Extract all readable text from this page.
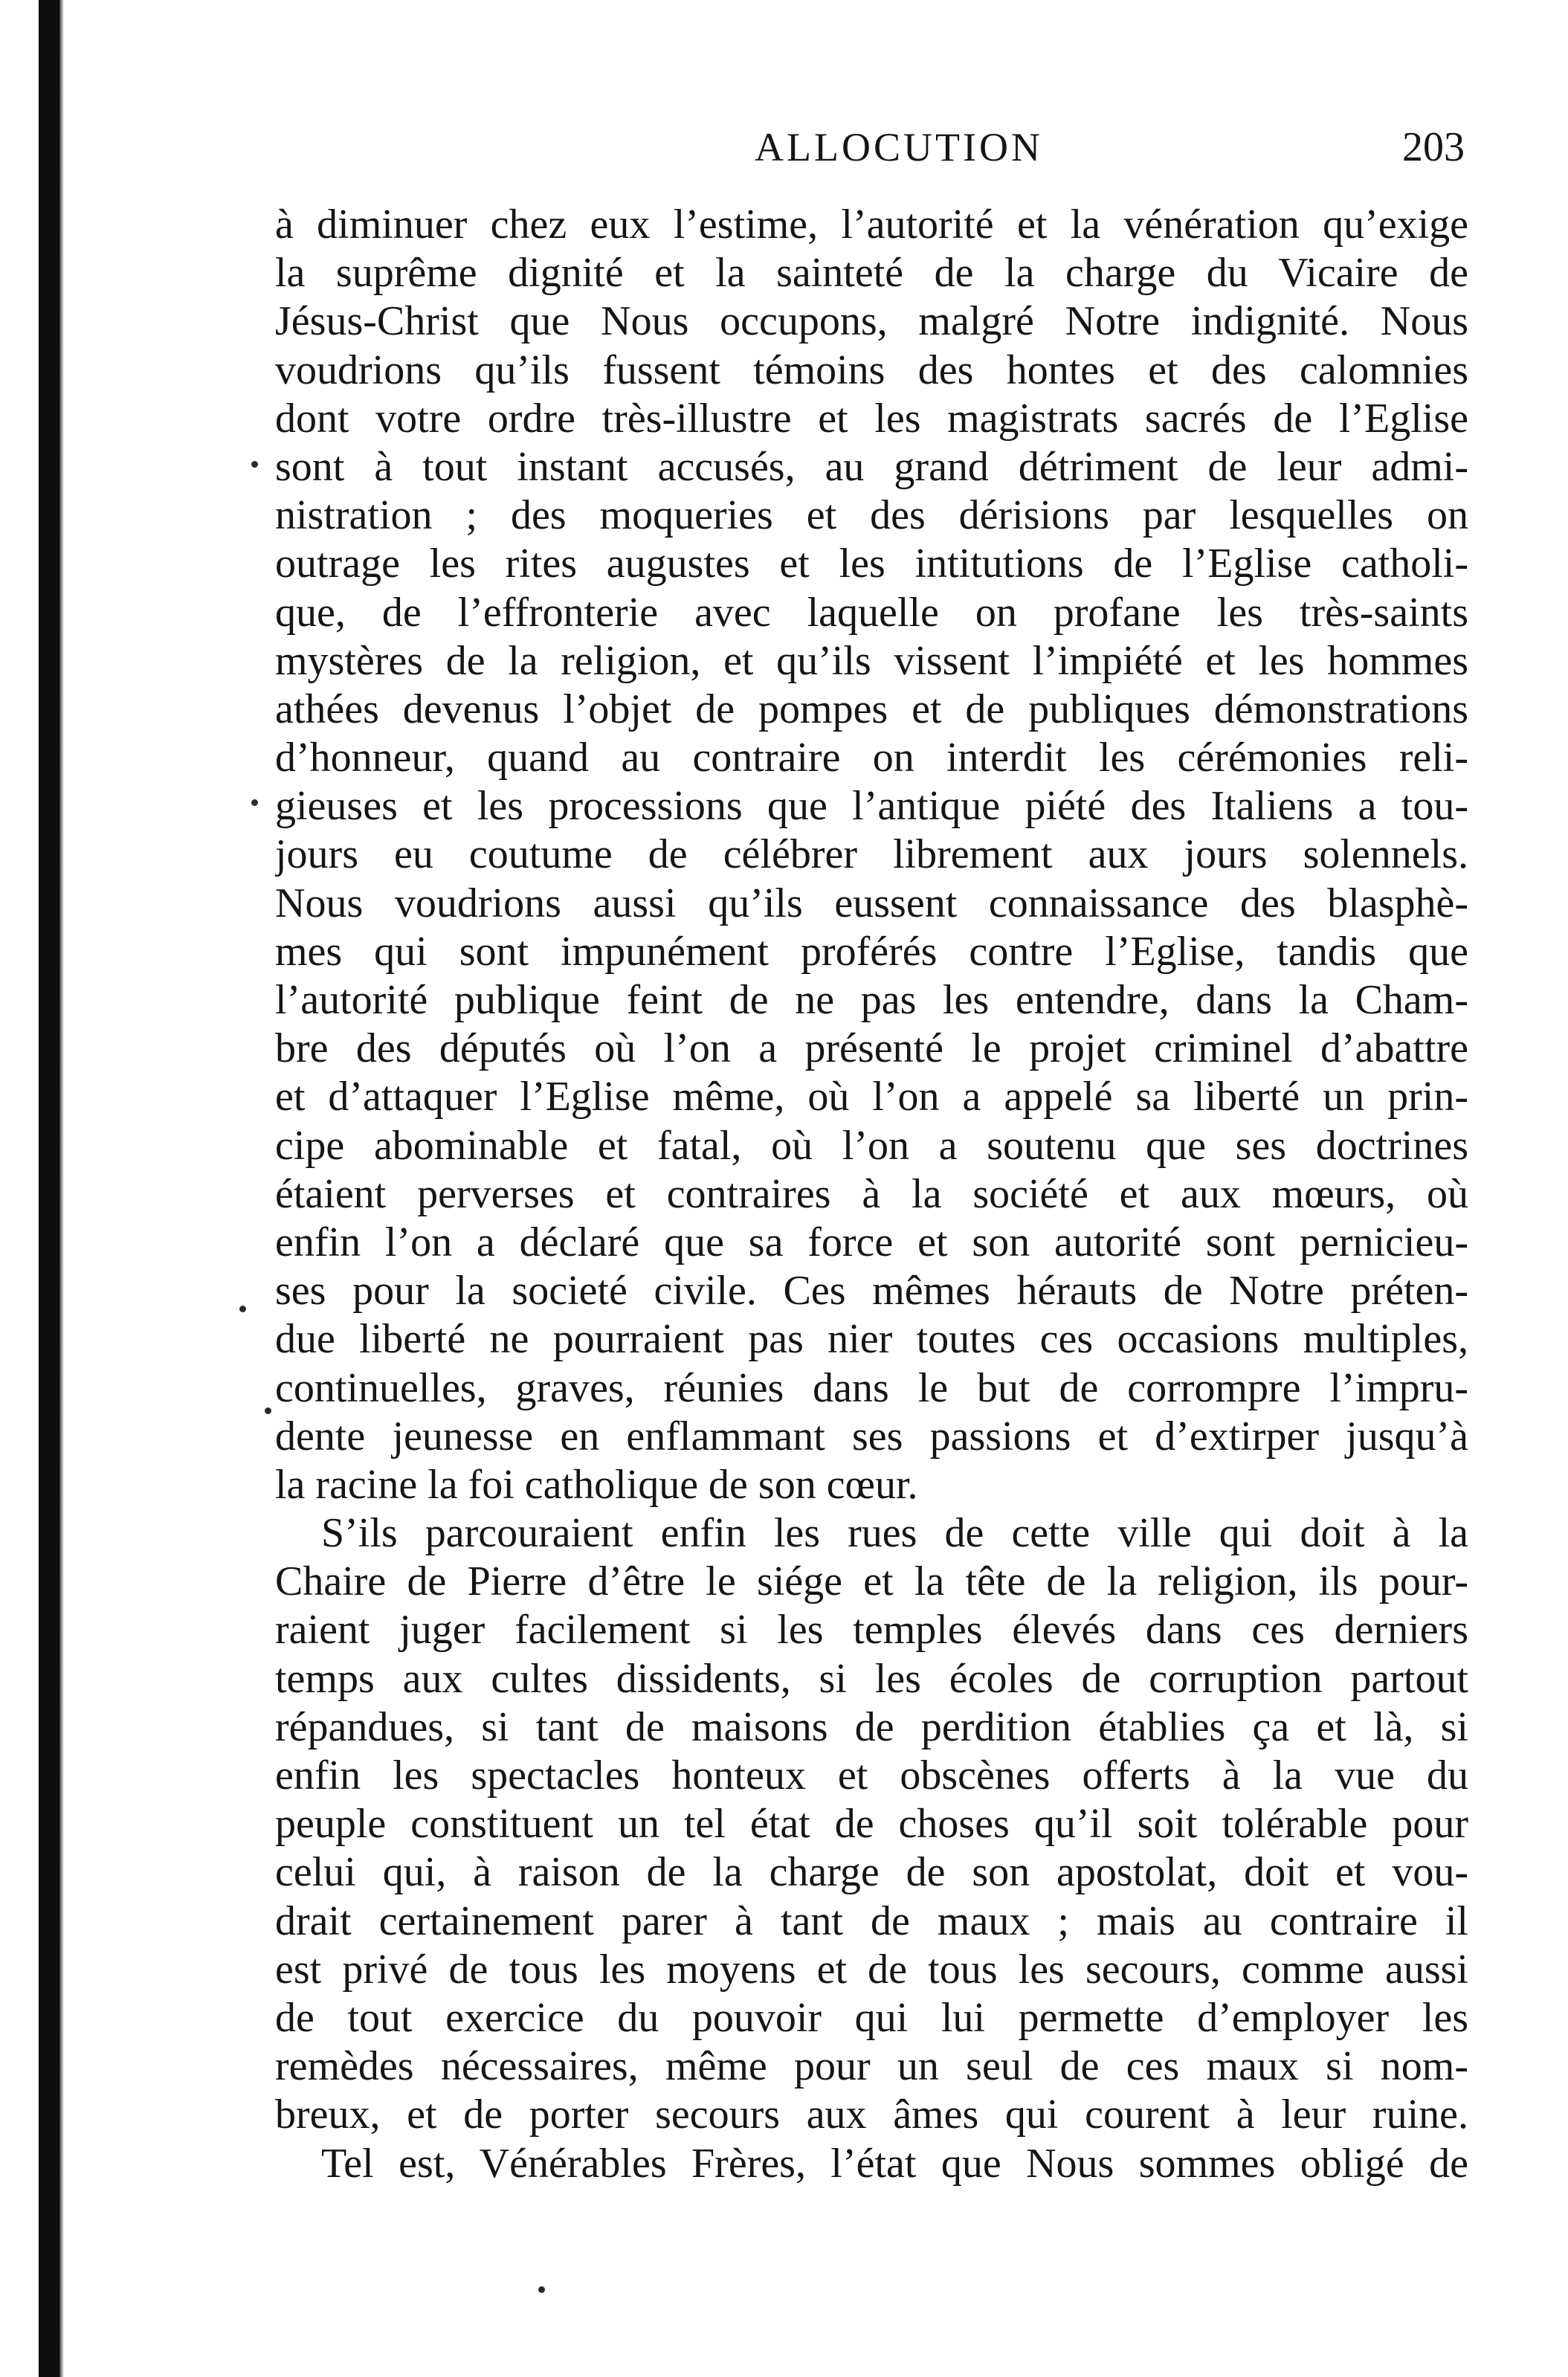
ALLOCUTION	203
à diminuer chez eux l’estime, l’autorité et la vénération qu’exige
la suprême dignité et la sainteté de la charge du Vicaire de
Jésus-Christ que Nous occupons, malgré Notre indignité. Nous
voudrions qu’ils fussent témoins des hontes et des calomnies
dont votre ordre très-illustre et les magistrats sacrés de l’Eglise
sont à tout instant accusés, au grand détriment de leur admi-
nistration ; des moqueries et des dérisions par lesquelles on
outrage les rites augustes et les intitutions de l’Eglise catholi-
que, de l’effronterie avec laquelle on profane les très-saints
mystères de la religion, et qu’ils vissent l’impiété et les hommes
athées devenus l’objet de pompes et de publiques démonstrations
d’honneur, quand au contraire on interdit les cérémonies reli-
gieuses et les processions que l’antique piété des Italiens a tou-
jours eu coutume de célébrer librement aux jours solennels.
Nous voudrions aussi qu’ils eussent connaissance des blasphè-
mes qui sont impunément proférés contre l’Eglise, tandis que
l’autorité publique feint de ne pas les entendre, dans la Cham-
bre des députés où l’on a présenté le projet criminel d’abattre
et d’attaquer l’Eglise même, où l’on a appelé sa liberté un prin-
cipe abominable et fatal, où l’on a soutenu que ses doctrines
étaient perverses et contraires à la société et aux mœurs, où
enfin l’on a déclaré que sa force et son autorité sont pernicieu-
ses pour la societé civile. Ces mêmes hérauts de Notre préten-
due liberté ne pourraient pas nier toutes ces occasions multiples,
continuelles, graves, réunies dans le but de corrompre l’impru-
dente jeunesse en enflammant ses passions et d’extirper jusqu’à
la racine la foi catholique de son cœur.
S’ils parcouraient enfin les rues de cette ville qui doit à la
Chaire de Pierre d’être le siége et la tête de la religion, ils pour-
raient juger facilement si les temples élevés dans ces derniers
temps aux cultes dissidents, si les écoles de corruption partout
répandues, si tant de maisons de perdition établies ça et là, si
enfin les spectacles honteux et obscènes offerts à la vue du
peuple constituent un tel état de choses qu’il soit tolérable pour
celui qui, à raison de la charge de son apostolat, doit et vou-
drait certainement parer à tant de maux ; mais au contraire il
est privé de tous les moyens et de tous les secours, comme aussi
de tout exercice du pouvoir qui lui permette d’employer les
remèdes nécessaires, même pour un seul de ces maux si nom-
breux, et de porter secours aux âmes qui courent à leur ruine.
Tel est, Vénérables Frères, l’état que Nous sommes obligé de
